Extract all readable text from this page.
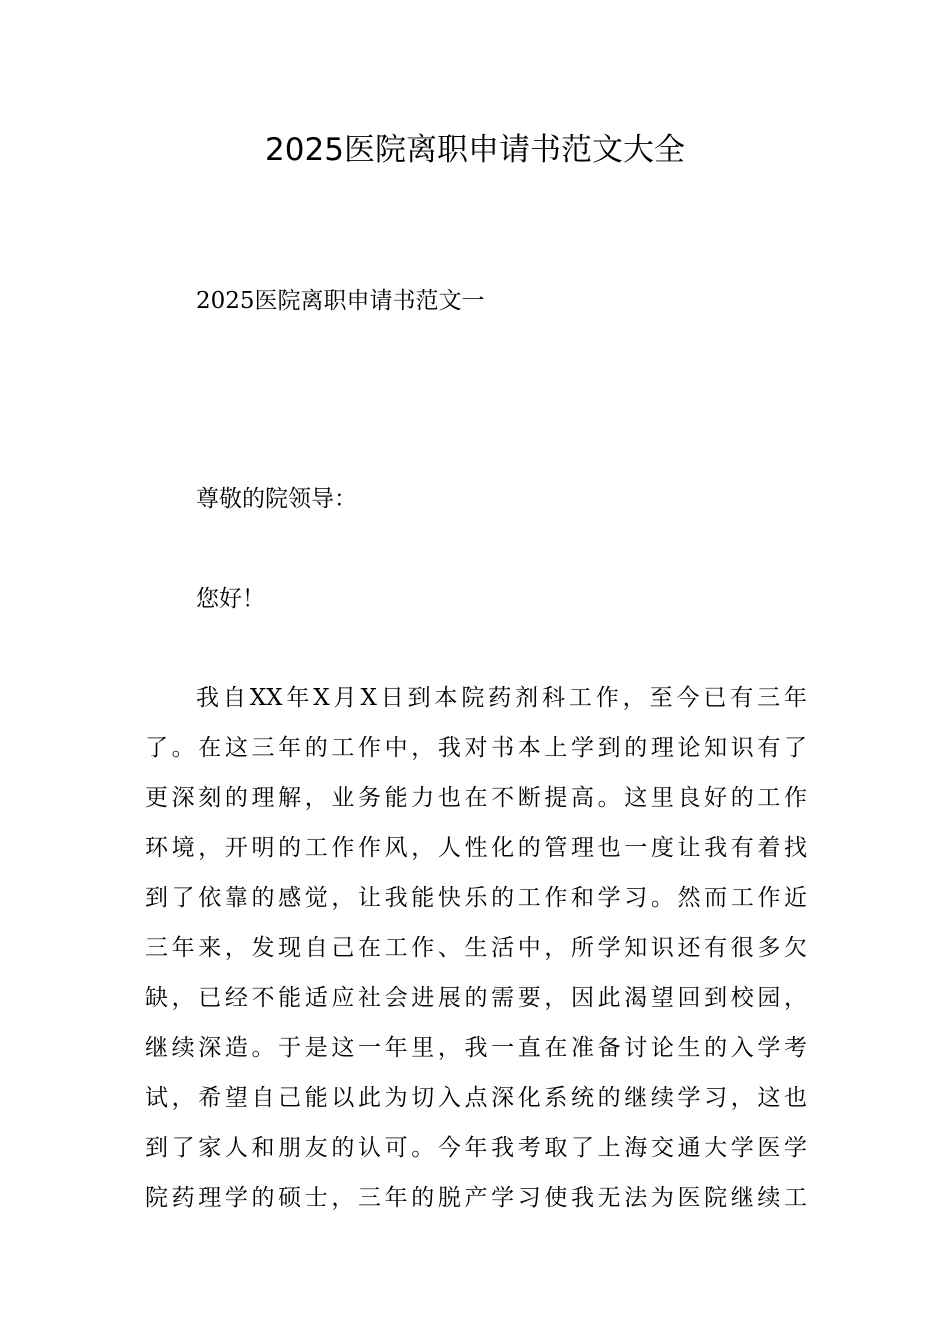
2025医院离职申请书范文大全
2025医院离职申请书范文一
尊敬的院领导：
您好！
我自XX年X月X日到本院药剂科工作，至今已有三年
了。在这三年的工作中，我对书本上学到的理论知识有了
更深刻的理解，业务能力也在不断提高。这里良好的工作
环境，开明的工作作风，人性化的管理也一度让我有着找
到了依靠的感觉，让我能快乐的工作和学习。然而工作近
三年来，发现自己在工作、生活中，所学知识还有很多欠
缺，已经不能适应社会进展的需要，因此渴望回到校园，
继续深造。于是这一年里，我一直在准备讨论生的入学考
试，希望自己能以此为切入点深化系统的继续学习，这也
到了家人和朋友的认可。今年我考取了上海交通大学医学
院药理学的硕士，三年的脱产学习使我无法为医院继续工
